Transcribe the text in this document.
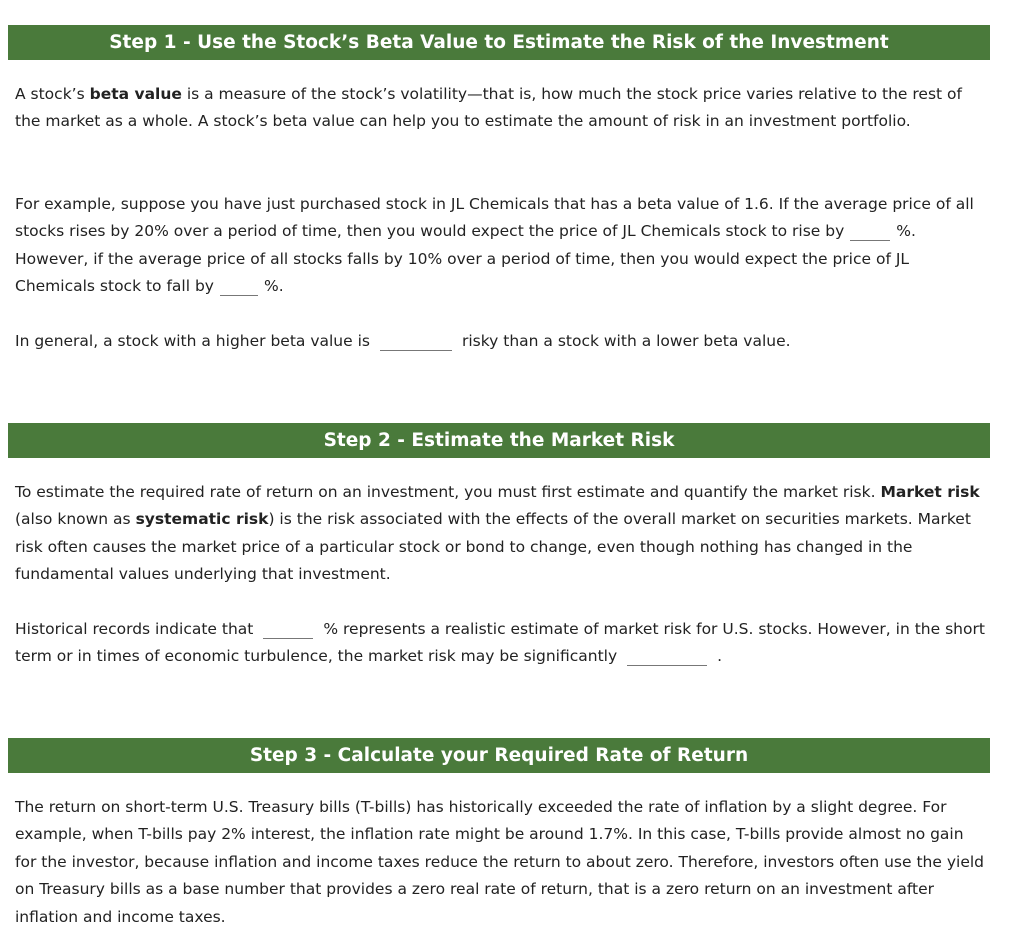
Step 1 - Use the Stock’s Beta Value to Estimate the Risk of the Investment

A stock’s beta value is a measure of the stock’s volatility—that is, how much the stock price varies relative to the rest of the market as a whole. A stock’s beta value can help you to estimate the amount of risk in an investment portfolio.

For example, suppose you have just purchased stock in JL Chemicals that has a beta value of 1.6. If the average price of all stocks rises by 20% over a period of time, then you would expect the price of JL Chemicals stock to rise by	%. However, if the average price of all stocks falls by 10% over a period of time, then you would expect the price of JL Chemicals stock to fall by	%.

In general, a stock with a higher beta value is	risky than a stock with a lower beta value.

Step 2 - Estimate the Market Risk

To estimate the required rate of return on an investment, you must first estimate and quantify the market risk. Market risk (also known as systematic risk) is the risk associated with the effects of the overall market on securities markets. Market risk often causes the market price of a particular stock or bond to change, even though nothing has changed in the fundamental values underlying that investment.

Historical records indicate that	% represents a realistic estimate of market risk for U.S. stocks. However, in the short term or in times of economic turbulence, the market risk may be significantly	.

Step 3 - Calculate your Required Rate of Return

The return on short-term U.S. Treasury bills (T-bills) has historically exceeded the rate of inflation by a slight degree. For example, when T-bills pay 2% interest, the inflation rate might be around 1.7%. In this case, T-bills provide almost no gain for the investor, because inflation and income taxes reduce the return to about zero. Therefore, investors often use the yield on Treasury bills as a base number that provides a zero real rate of return, that is a zero return on an investment after inflation and income taxes.
